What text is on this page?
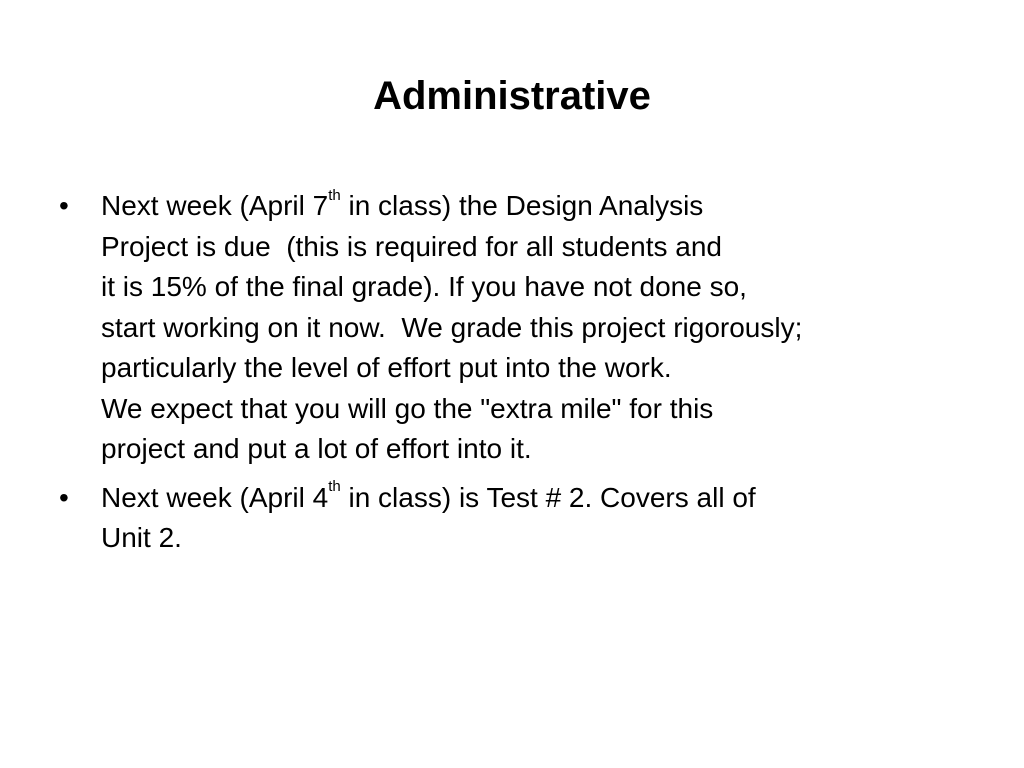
Administrative
• Next week (April 7th in class) the Design Analysis
Project is due  (this is required for all students and
it is 15% of the final grade). If you have not done so,
start working on it now.  We grade this project rigorously;
particularly the level of effort put into the work.
We expect that you will go the "extra mile" for this
project and put a lot of effort into it.
• Next week (April 4th in class) is Test # 2. Covers all of
Unit 2.
